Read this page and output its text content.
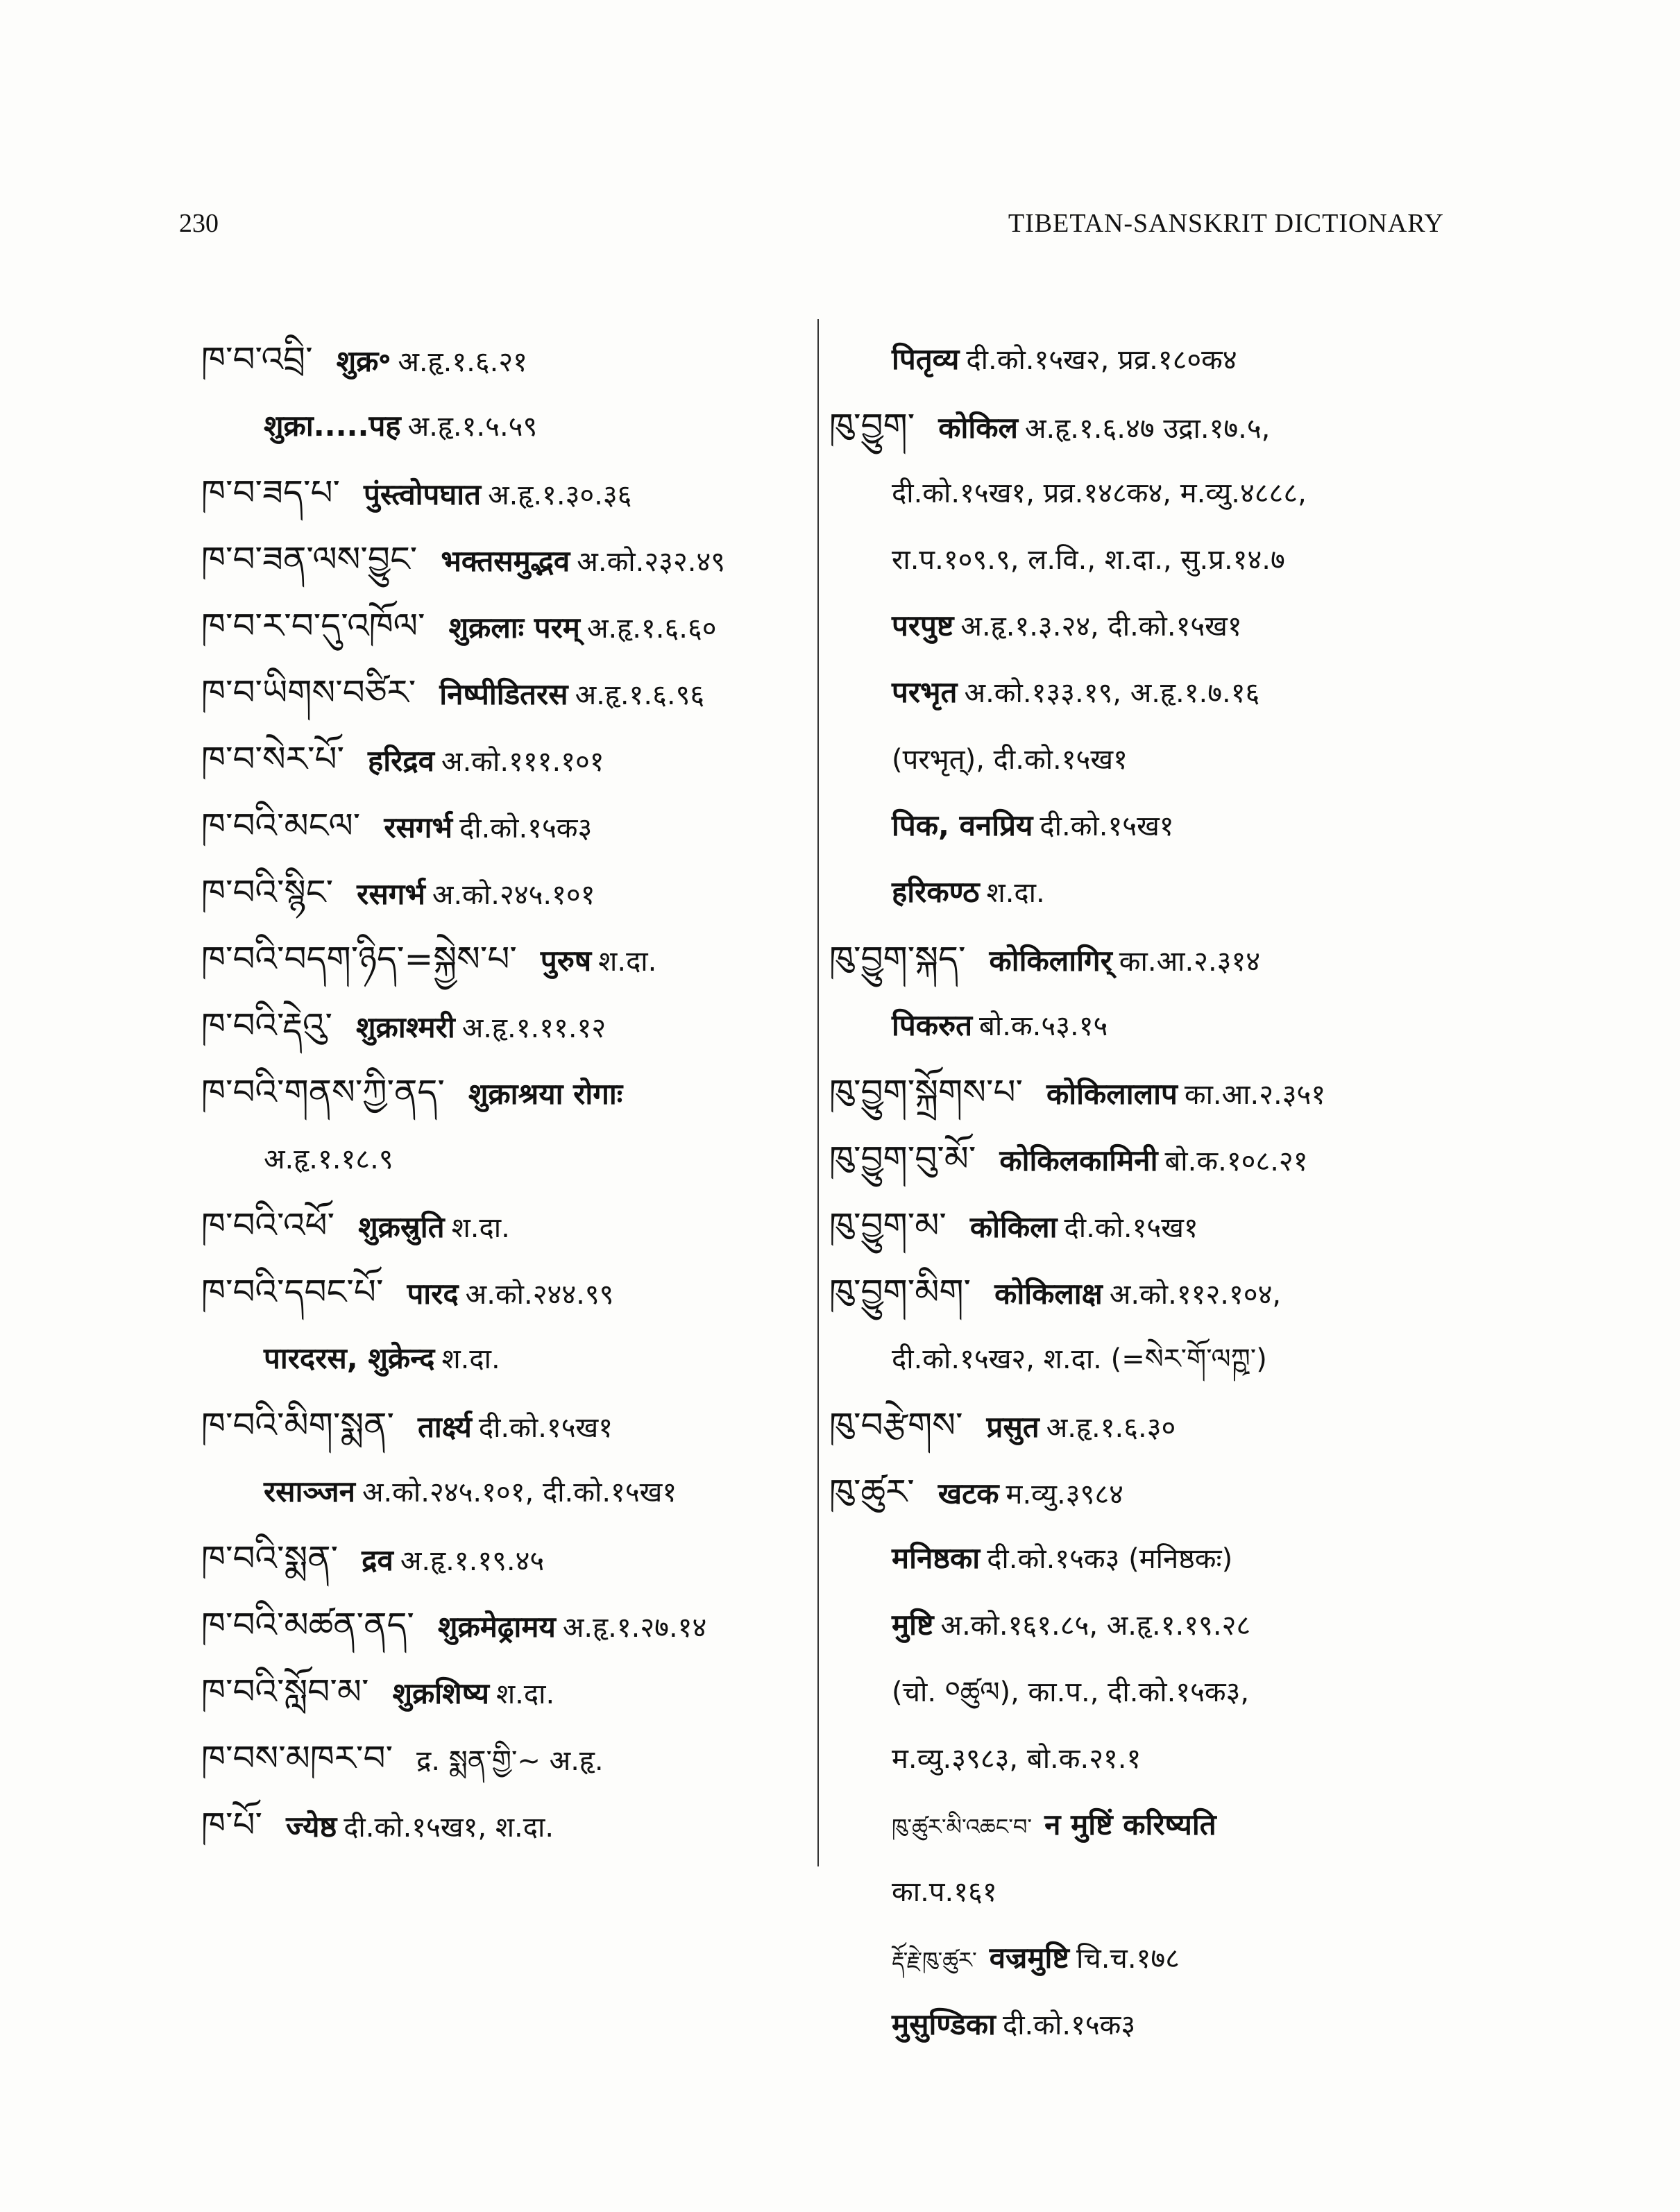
230	TIBETAN-SANSKRIT DICTIONARY
ཁ་བ་འབྲི་ शुक्र॰ अ.हृ.१.६.२१
शुक्रा.....पह अ.हृ.१.५.५९
ཁ་བ་ཟད་པ་ पुंस्त्वोपघात अ.हृ.१.३०.३६
ཁ་བ་ཟན་ལས་བྱུང་ भक्तसमुद्भव अ.को.२३२.४९
ཁ་བ་ར་བ་དུ་འཁོལ་ शुक्रलाः परम् अ.हृ.१.६.६०
ཁ་བ་ཡིགས་བཙིར་ निष्पीडितरस अ.हृ.१.६.९६
ཁ་བ་སེར་པོ་ हरिद्रव अ.को.१११.१०१
ཁ་བའི་མངལ་ रसगर्भ दी.को.१५क३
ཁ་བའི་སྙིང་ रसगर्भ अ.को.२४५.१०१
ཁ་བའི་བདག་ཉིད་=སྐྱེས་པ་ पुरुष श.दा.
ཁ་བའི་རྡེའུ་ शुक्राश्मरी अ.हृ.१.११.१२
ཁ་བའི་གནས་ཀྱི་ནད་ शुक्राश्रया रोगाः
अ.हृ.१.१८.९
ཁ་བའི་འཕོ་ शुक्रस्रुति श.दा.
ཁ་བའི་དབང་པོ་ पारद अ.को.२४४.९९
पारदरस, शुक्रेन्द श.दा.
ཁ་བའི་མིག་སྨན་ तार्क्ष्य दी.को.१५ख१
रसाञ्जन अ.को.२४५.१०१, दी.को.१५ख१
ཁ་བའི་སྨན་ द्रव अ.हृ.१.१९.४५
ཁ་བའི་མཚན་ནད་ शुक्रमेढ्रामय अ.हृ.१.२७.१४
ཁ་བའི་སློབ་མ་ शुक्रशिष्य श.दा.
ཁ་བས་མཁར་བ་ द्र. སྨན་གྱི་~ अ.हृ.
ཁ་པོ་ ज्येष्ठ दी.को.१५ख१, श.दा.
पितृव्य दी.को.१५ख२, प्रव्र.१८०क४
ཁུ་བྱུག་ कोकिल अ.हृ.१.६.४७ उद्रा.१७.५,
दी.को.१५ख१, प्रव्र.१४८क४, म.व्यु.४८८८,
रा.प.१०९.९, ल.वि., श.दा., सु.प्र.१४.७
परपुष्ट अ.हृ.१.३.२४, दी.को.१५ख१
परभृत अ.को.१३३.१९, अ.हृ.१.७.१६
(परभृत्), दी.को.१५ख१
पिक, वनप्रिय दी.को.१५ख१
हरिकण्ठ श.दा.
ཁུ་བྱུག་སྐད་ कोकिलागिर् का.आ.२.३१४
पिकरुत बो.क.५३.१५
ཁུ་བྱུག་སྐྲོགས་པ་ कोकिलालाप का.आ.२.३५१
ཁུ་བྱུག་བུ་མོ་ कोकिलकामिनी बो.क.१०८.२१
ཁུ་བྱུག་མ་ कोकिला दी.को.१५ख१
ཁུ་བྱུག་མིག་ कोकिलाक्ष अ.को.११२.१०४,
दी.को.१५ख२, श.दा. (=སེར་གོ་ལཀྵ་)
ཁུ་བརྩེགས་ प्रसुत अ.हृ.१.६.३०
ཁུ་ཚུར་ खटक म.व्यु.३९८४
मनिष्ठका दी.को.१५क३ (मनिष्ठकः)
मुष्टि अ.को.१६१.८५, अ.हृ.१.१९.२८
(चो. ༠ཚུལ), का.प., दी.को.१५क३,
म.व्यु.३९८३, बो.क.२१.१
ཁུ་ཚུར་མི་འཆང་བ་ न मुष्टिं करिष्यति
का.प.१६१
རྡོ་རྗེ་ཁུ་ཚུར་ वज्रमुष्टि चि.च.१७८
मुसुण्डिका दी.को.१५क३
